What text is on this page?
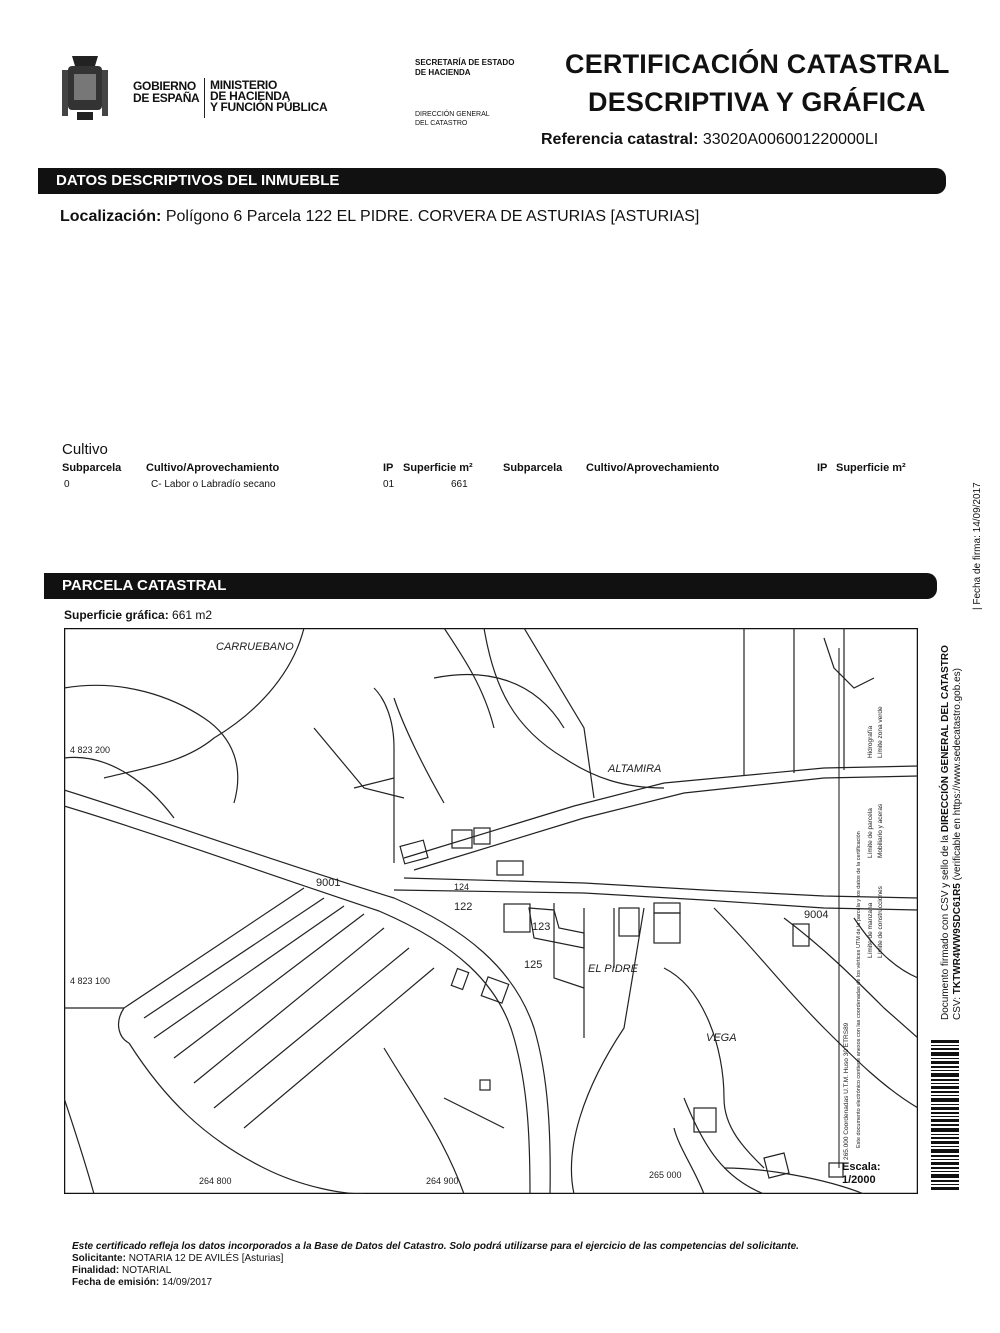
GOBIERNO
DE ESPAÑA
MINISTERIO
DE HACIENDA
Y FUNCIÓN PÚBLICA
SECRETARÍA DE ESTADO
DE HACIENDA
DIRECCIÓN GENERAL
DEL CATASTRO
CERTIFICACIÓN CATASTRAL
DESCRIPTIVA Y GRÁFICA
Referencia catastral: 33020A006001220000LI
DATOS DESCRIPTIVOS DEL INMUEBLE
Localización: Polígono 6 Parcela 122 EL PIDRE. CORVERA DE ASTURIAS [ASTURIAS]
Cultivo
Subparcela Cultivo/Aprovechamiento	IP Superficie m²	Subparcela Cultivo/Aprovechamiento	IP Superficie m²
0	C- Labor o Labradío secano	01	661
PARCELA CATASTRAL
Superficie gráfica: 661 m2
CARRUEBANO
ALTAMIRA
EL PIDRE
VEGA
9001
9004
122
123
125
124
4 823 200
4 823 100
264 800	264 900
265 000
265.000 Coordenadas U.T.M. Huso 30 ETRS89 Este documento electrónico contiene anexos con las coordenadas de los vértices UTM de la parcela y los datos de la certificación Límite de manzana Límite de construcciones
Límite de parcela Mobiliario y aceras
Hidrografía Límite zona verde
Escala:
1/2000
Documento firmado con CSV y sello de la DIRECCIÓN GENERAL DEL CATASTRO
CSV: TKTWR4WW9SDC61R5 (verificable en https://www.sedecatastro.gob.es)
| Fecha de firma: 14/09/2017
Este certificado refleja los datos incorporados a la Base de Datos del Catastro. Solo podrá utilizarse para el ejercicio de las competencias del solicitante.
Solicitante: NOTARIA 12 DE AVILÉS [Asturias]
Finalidad: NOTARIAL
Fecha de emisión: 14/09/2017
